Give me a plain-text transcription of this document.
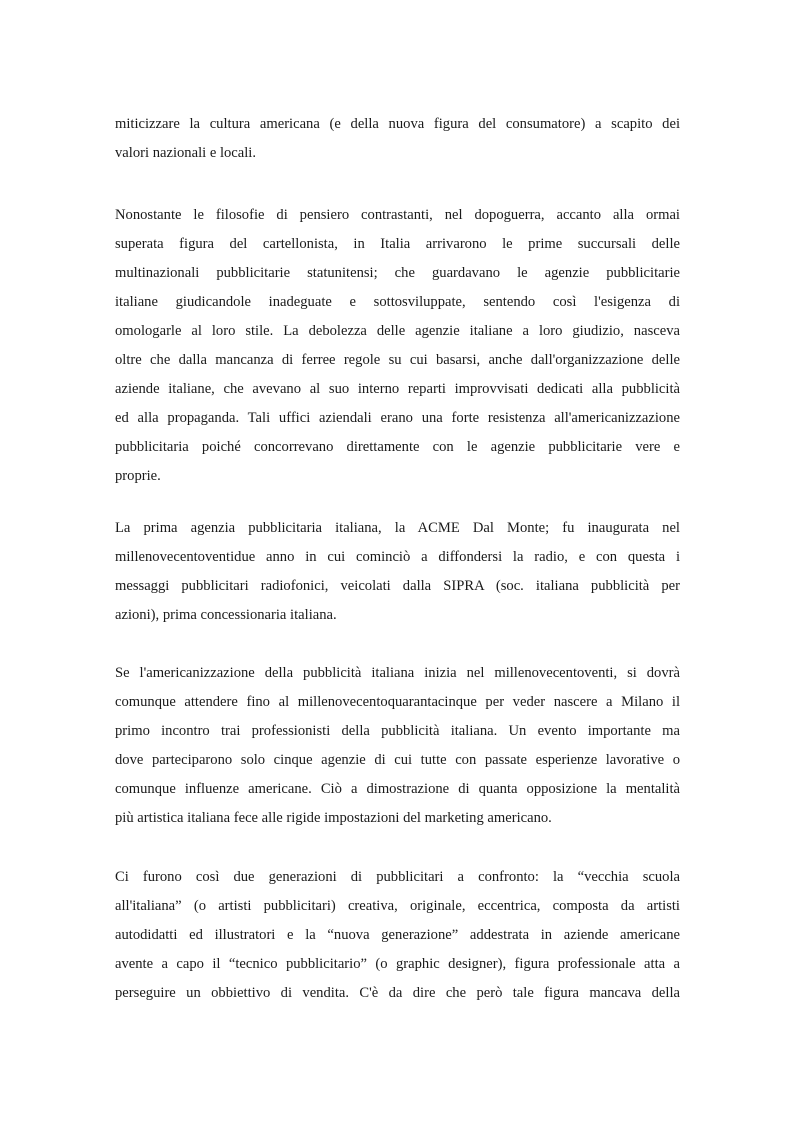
miticizzare la cultura americana (e della nuova figura del consumatore) a scapito dei
valori nazionali e locali.
Nonostante le filosofie di pensiero contrastanti, nel dopoguerra, accanto alla ormai
superata figura del cartellonista, in Italia arrivarono le prime succursali delle
multinazionali pubblicitarie statunitensi; che guardavano le agenzie pubblicitarie
italiane giudicandole inadeguate e sottosviluppate, sentendo così l'esigenza di
omologarle al loro stile. La debolezza delle agenzie italiane a loro giudizio, nasceva
oltre che dalla mancanza di ferree regole su cui basarsi, anche dall'organizzazione delle
aziende italiane, che avevano al suo interno reparti improvvisati dedicati alla pubblicità
ed alla propaganda. Tali uffici aziendali erano una forte resistenza all'americanizzazione
pubblicitaria poiché concorrevano direttamente con le agenzie pubblicitarie vere e
proprie.
La prima agenzia pubblicitaria italiana, la ACME Dal Monte; fu inaugurata nel
millenovecentoventidue anno in cui cominciò a diffondersi la radio, e con questa i
messaggi pubblicitari radiofonici, veicolati dalla SIPRA (soc. italiana pubblicità per
azioni), prima concessionaria italiana.
Se l'americanizzazione della pubblicità italiana inizia nel millenovecentoventi, si dovrà
comunque attendere fino al millenovecentoquarantacinque per veder nascere a Milano il
primo incontro trai professionisti della pubblicità italiana. Un evento importante ma
dove parteciparono solo cinque agenzie di cui tutte con passate esperienze lavorative o
comunque influenze americane. Ciò a dimostrazione di quanta opposizione la mentalità
più artistica italiana fece alle rigide impostazioni del marketing americano.
Ci furono così due generazioni di pubblicitari a confronto: la “vecchia scuola
all'italiana” (o artisti pubblicitari) creativa, originale, eccentrica, composta da artisti
autodidatti ed illustratori e la “nuova generazione” addestrata in aziende americane
avente a capo il “tecnico pubblicitario” (o graphic designer), figura professionale atta a
perseguire un obbiettivo di vendita. C'è da dire che però tale figura mancava della
